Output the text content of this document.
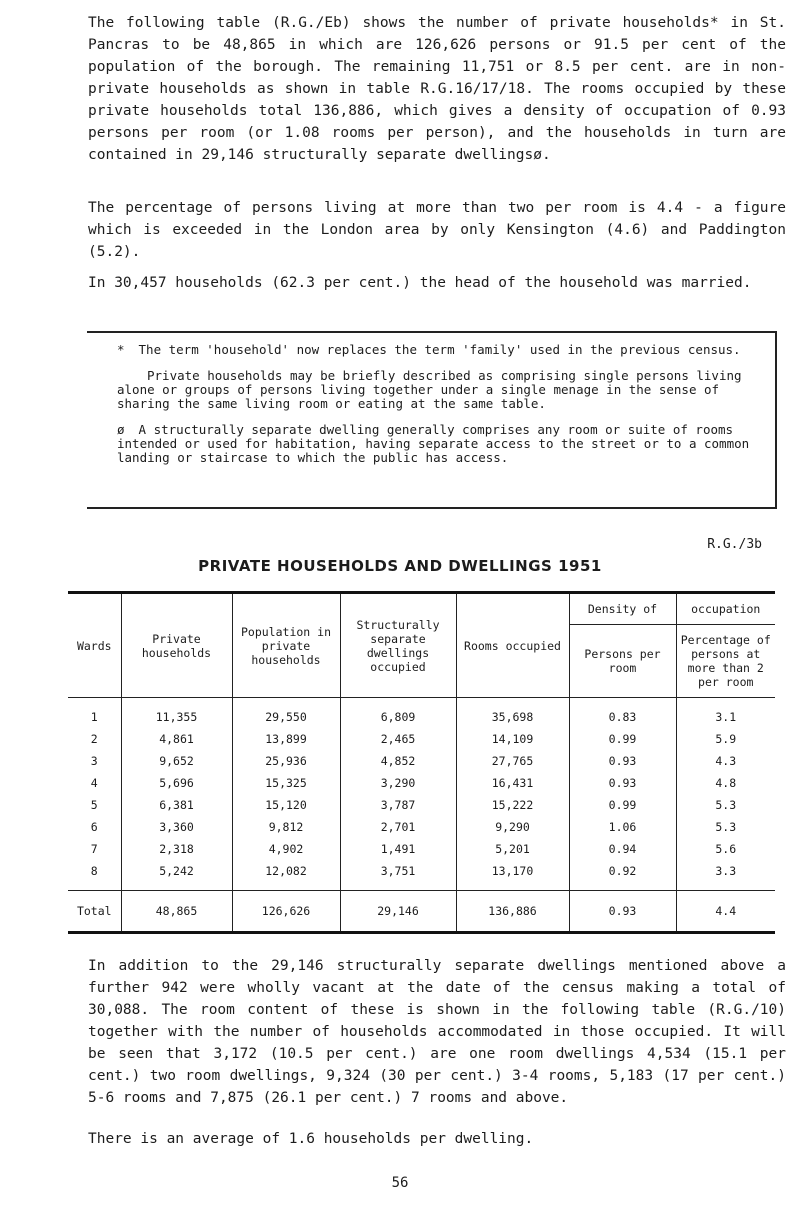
The following table (R.G./Eb) shows the number of private households* in St. Pancras to be 48,865 in which are 126,626 persons or 91.5 per cent of the population of the borough. The remaining 11,751 or 8.5 per cent. are in non-private households as shown in table R.G.16/17/18. The rooms occupied by these private households total 136,886, which gives a density of occupation of 0.93 persons per room (or 1.08 rooms per person), and the households in turn are contained in 29,146 structurally separate dwellingsø.

The percentage of persons living at more than two per room is 4.4 - a figure which is exceeded in the London area by only Kensington (4.6) and Paddington (5.2).

In 30,457 households (62.3 per cent.) the head of the household was married.

* The term 'household' now replaces the term 'family' used in the previous census.

Private households may be briefly described as comprising single persons living alone or groups of persons living together under a single menage in the sense of sharing the same living room or eating at the same table.

ø A structurally separate dwelling generally comprises any room or suite of rooms intended or used for habitation, having separate access to the street or to a common landing or staircase to which the public has access.

R.G./3b
PRIVATE HOUSEHOLDS AND DWELLINGS 1951
Wards	Private households	Population in private households	Structurally separate dwellings occupied	Rooms occupied	Density of	occupation
					Persons per room	Percentage of persons at more than 2 per room

1	11,355	29,550	6,809	35,698	0.83	3.1
2	4,861	13,899	2,465	14,109	0.99	5.9
3	9,652	25,936	4,852	27,765	0.93	4.3
4	5,696	15,325	3,290	16,431	0.93	4.8
5	6,381	15,120	3,787	15,222	0.99	5.3
6	3,360	9,812	2,701	9,290	1.06	5.3
7	2,318	4,902	1,491	5,201	0.94	5.6
8	5,242	12,082	3,751	13,170	0.92	3.3

Total	48,865	126,626	29,146	136,886	0.93	4.4

In addition to the 29,146 structurally separate dwellings mentioned above a further 942 were wholly vacant at the date of the census making a total of 30,088. The room content of these is shown in the following table (R.G./10) together with the number of households accommodated in those occupied. It will be seen that 3,172 (10.5 per cent.) are one room dwellings 4,534 (15.1 per cent.) two room dwellings, 9,324 (30 per cent.) 3-4 rooms, 5,183 (17 per cent.) 5-6 rooms and 7,875 (26.1 per cent.) 7 rooms and above.

There is an average of 1.6 households per dwelling.

56
